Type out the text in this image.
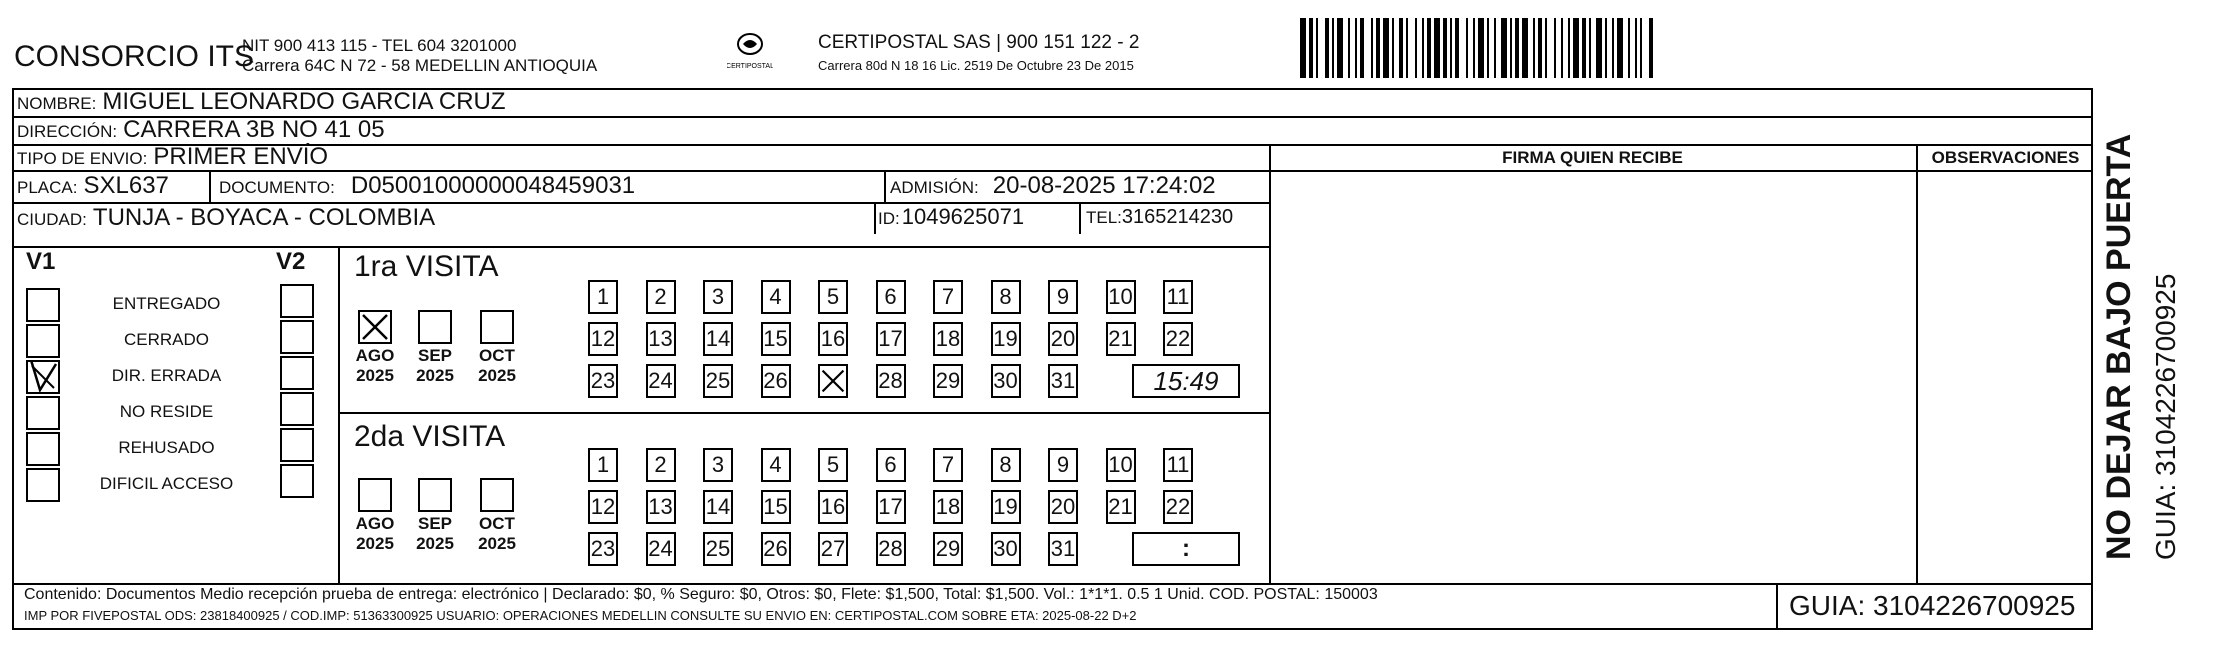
CONSORCIO ITS
NIT 900 413 115 - TEL 604 3201000
Carrera 64C N 72 - 58 MEDELLIN ANTIOQUIA	CERTIPOSTAL
CERTIPOSTAL SAS | 900 151 122 - 2
Carrera 80d N 18 16 Lic. 2519 De Octubre 23 De 2015
NOMBRE: MIGUEL LEONARDO GARCIA CRUZ
DIRECCIÓN: CARRERA 3B NO 41 05
TIPO DE ENVIO: PRIMER ENVÍO	FIRMA QUIEN RECIBE	OBSERVACIONES
PLACA: SXL637	DOCUMENTO: D05001000000048459031	ADMISIÓN: 20-08-2025 17:24:02
CIUDAD: TUNJA - BOYACA - COLOMBIA	ID: 1049625071	TEL: 3165214230
V1	V2
ENTREGADO
CERRADO
DIR. ERRADA
NO RESIDE
REHUSADO
DIFICIL ACCESO
1ra VISITA
AGO
2025
SEP
2025
OCT
2025
1	2	3	4	5	6	7	8	9	10 11
12 13 14 15 16 17 18 19 20 21 22
23 24 25 26	28 29 30 31	15:49
2da VISITA
AGO
2025
SEP
2025
OCT
2025
1	2	3	4	5	6	7	8	9	10 11
12 13 14 15 16 17 18 19 20 21 22
23 24 25 26 27 28 29 30 31	:
Contenido: Documentos Medio recepción prueba de entrega: electrónico | Declarado: $0, % Seguro: $0, Otros: $0, Flete: $1,500, Total: $1,500. Vol.: 1*1*1. 0.5 1 Unid. COD. POSTAL: 150003
IMP POR FIVEPOSTAL ODS: 23818400925 / COD.IMP: 51363300925 USUARIO: OPERACIONES MEDELLIN CONSULTE SU ENVIO EN: CERTIPOSTAL.COM SOBRE ETA: 2025-08-22 D+2	GUIA: 3104226700925
NO DEJAR BAJO PUERTA GUIA: 3104226700925
